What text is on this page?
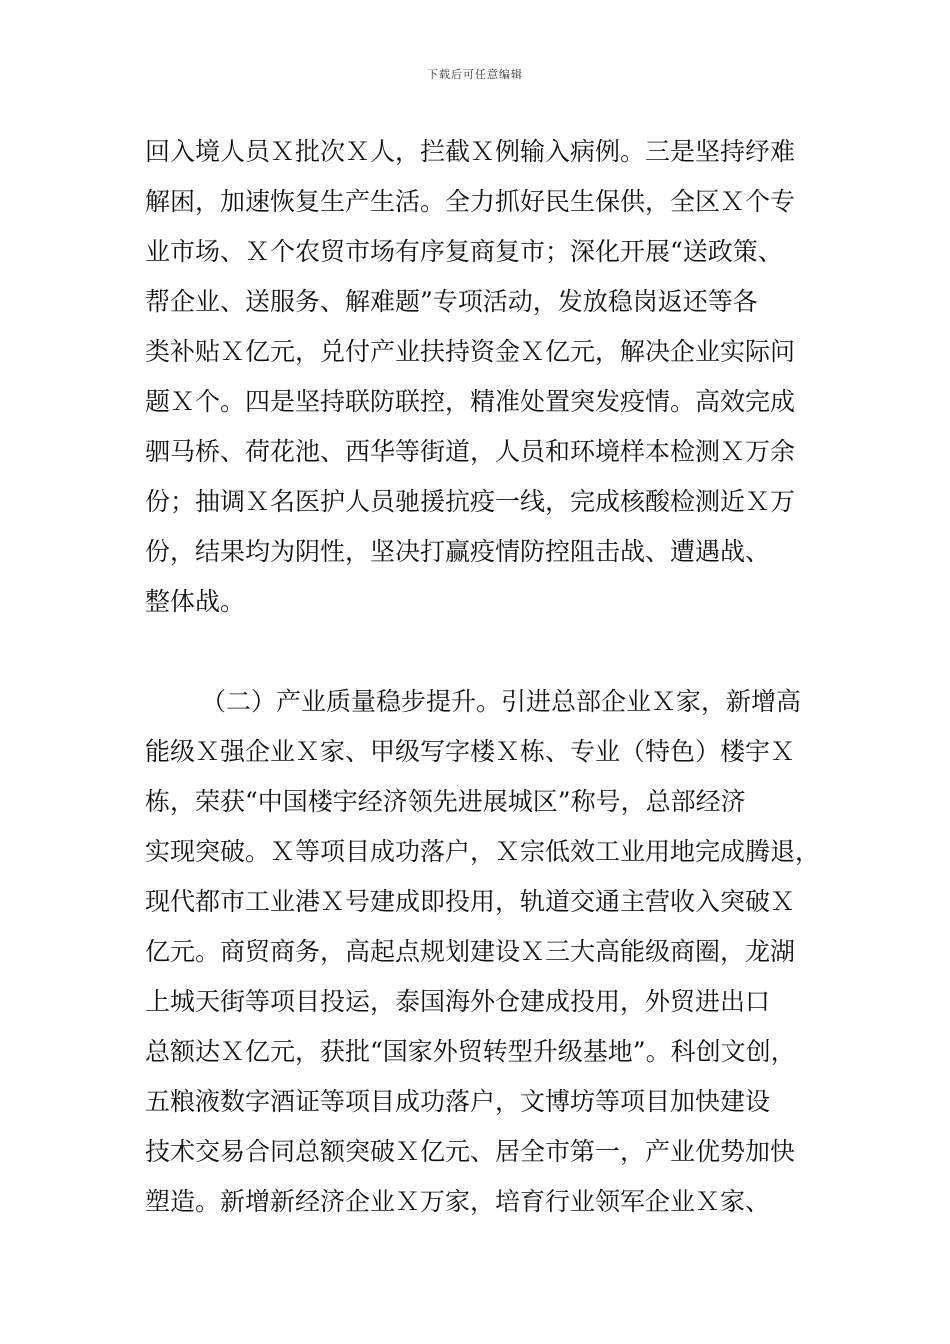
下载后可任意编辑
回入境人员Ｘ批次Ｘ人，拦截Ｘ例输入病例。三是坚持纾难
解困，加速恢复生产生活。全力抓好民生保供，全区Ｘ个专
业市场、Ｘ个农贸市场有序复商复市；深化开展“送政策、
帮企业、送服务、解难题”专项活动，发放稳岗返还等各
类补贴Ｘ亿元，兑付产业扶持资金Ｘ亿元，解决企业实际问
题Ｘ个。四是坚持联防联控，精准处置突发疫情。高效完成
驷马桥、荷花池、西华等街道，人员和环境样本检测Ｘ万余
份；抽调Ｘ名医护人员驰援抗疫一线，完成核酸检测近Ｘ万
份，结果均为阴性，坚决打赢疫情防控阻击战、遭遇战、
整体战。
（二）产业质量稳步提升。引进总部企业Ｘ家，新增高
能级Ｘ强企业Ｘ家、甲级写字楼Ｘ栋、专业（特色）楼宇Ｘ
栋，荣获“中国楼宇经济领先进展城区”称号，总部经济
实现突破。Ｘ等项目成功落户，Ｘ宗低效工业用地完成腾退，
现代都市工业港Ｘ号建成即投用，轨道交通主营收入突破Ｘ
亿元。商贸商务，高起点规划建设Ｘ三大高能级商圈，龙湖
上城天街等项目投运，泰国海外仓建成投用，外贸进出口
总额达Ｘ亿元，获批“国家外贸转型升级基地”。科创文创，
五粮液数字酒证等项目成功落户，文博坊等项目加快建设
技术交易合同总额突破Ｘ亿元、居全市第一，产业优势加快
塑造。新增新经济企业Ｘ万家，培育行业领军企业Ｘ家、
